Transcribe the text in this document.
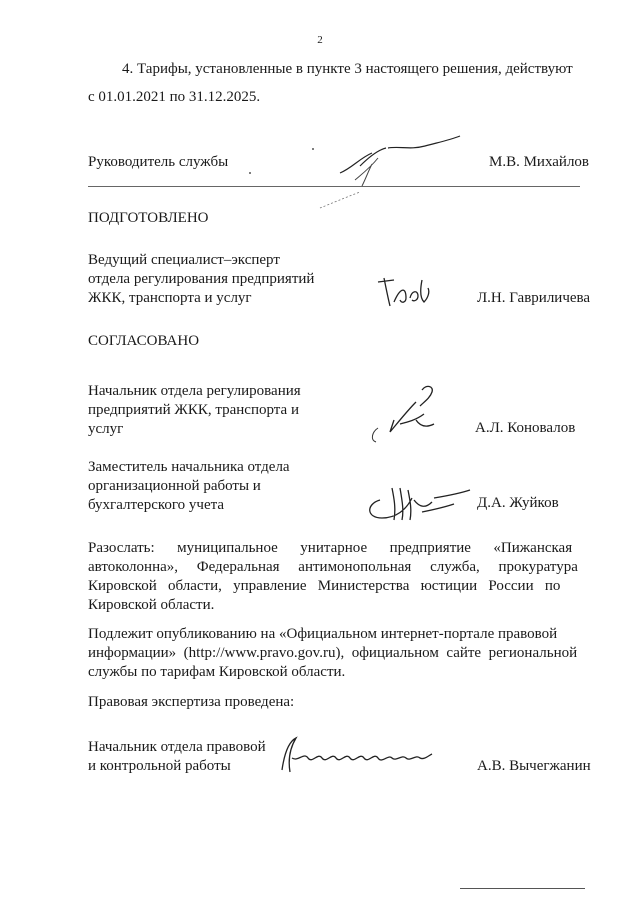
2
4. Тарифы, установленные в пункте 3 настоящего решения, действуют
с 01.01.2021 по 31.12.2025.
Руководитель службы	М.В. Михайлов
ПОДГОТОВЛЕНО
Ведущий специалист–эксперт
отдела регулирования предприятий
ЖКК, транспорта и услуг	Л.Н. Гавриличева
СОГЛАСОВАНО
Начальник отдела регулирования
предприятий ЖКК, транспорта и
услуг	А.Л. Коновалов
Заместитель начальника отдела
организационной работы и
бухгалтерского учета	Д.А. Жуйков
Разослать:      муниципальное      унитарное      предприятие      «Пижанская
автоколонна»,     Федеральная     антимонопольная     служба,     прокуратура
Кировской   области,   управление   Министерства   юстиции   России   по
Кировской области.
Подлежит опубликованию на «Официальном интернет-портале правовой
информации»  (http://www.pravo.gov.ru),  официальном  сайте  региональной
службы по тарифам Кировской области.
Правовая экспертиза проведена:
Начальник отдела правовой
и контрольной работы	А.В. Вычегжанин
